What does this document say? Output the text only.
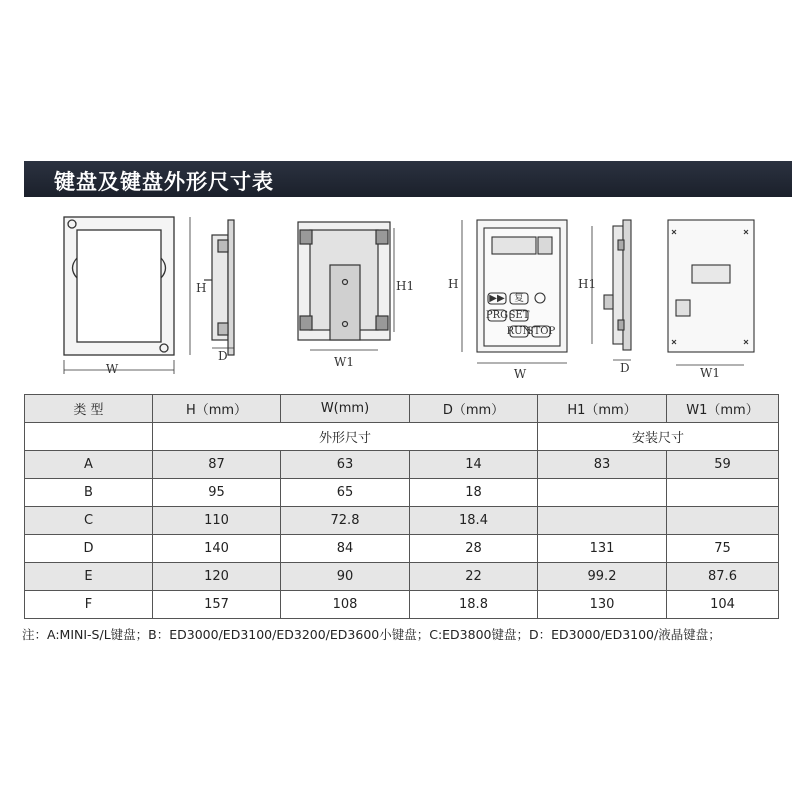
键盘及键盘外形尺寸表
W
H
D	W1
H1
▶▶ 复
PRG SET
RUN
STOP
W
H	H1
D	W1
类 型	H（mm）	W(mm)	D（mm）	H1（mm）	W1（mm）
	外形尺寸			安装尺寸	
A	87	63	14	83	59
B	95	65	18		
C	110	72.8	18.4		
D	140	84	28	131	75
E	120	90	22	99.2	87.6
F	157	108	18.8	130	104
注：A:MINI-S/L键盘；B：ED3000/ED3100/ED3200/ED3600小键盘；C:ED3800键盘；D：ED3000/ED3100/液晶键盘；
